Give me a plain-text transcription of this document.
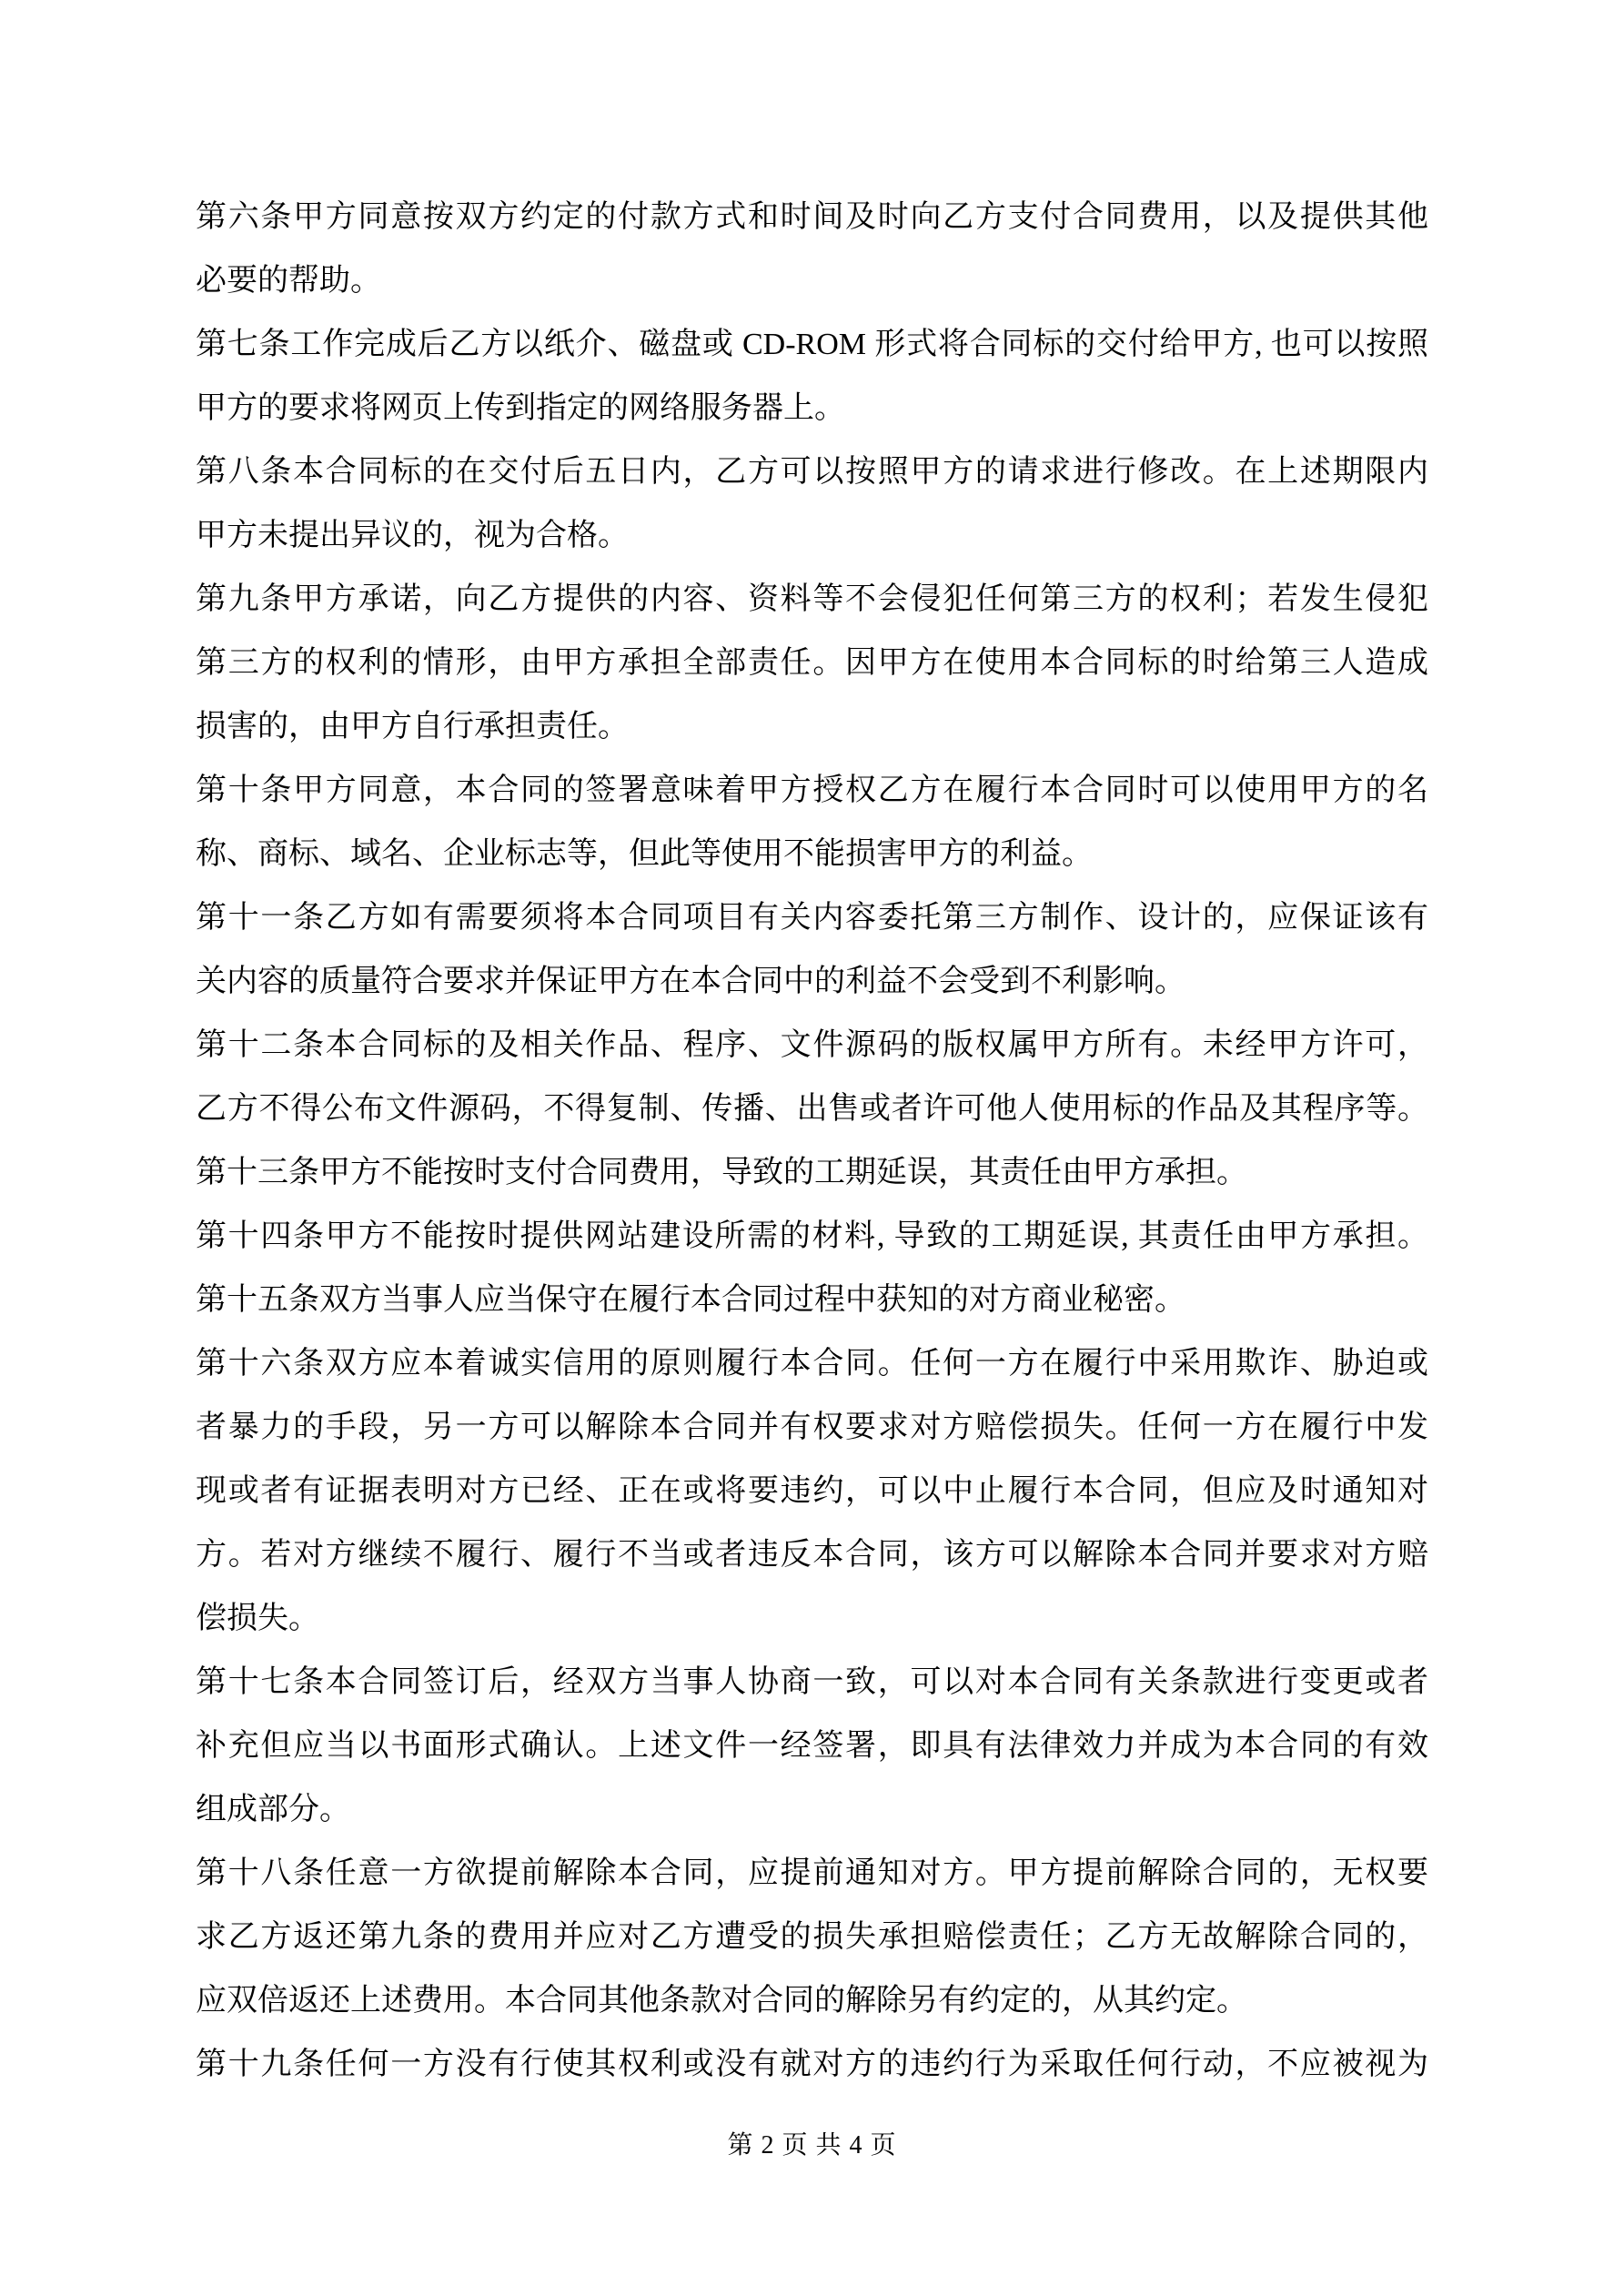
第六条甲方同意按双方约定的付款方式和时间及时向乙方支付合同费用，以及提供其他
必要的帮助。
第七条工作完成后乙方以纸介、磁盘或 CD-ROM 形式将合同标的交付给甲方, 也可以按照
甲方的要求将网页上传到指定的网络服务器上。
第八条本合同标的在交付后五日内，乙方可以按照甲方的请求进行修改。在上述期限内
甲方未提出异议的，视为合格。
第九条甲方承诺，向乙方提供的内容、资料等不会侵犯任何第三方的权利；若发生侵犯
第三方的权利的情形，由甲方承担全部责任。因甲方在使用本合同标的时给第三人造成
损害的，由甲方自行承担责任。
第十条甲方同意，本合同的签署意味着甲方授权乙方在履行本合同时可以使用甲方的名
称、商标、域名、企业标志等，但此等使用不能损害甲方的利益。
第十一条乙方如有需要须将本合同项目有关内容委托第三方制作、设计的，应保证该有
关内容的质量符合要求并保证甲方在本合同中的利益不会受到不利影响。
第十二条本合同标的及相关作品、程序、文件源码的版权属甲方所有。未经甲方许可，
乙方不得公布文件源码，不得复制、传播、出售或者许可他人使用标的作品及其程序等。
第十三条甲方不能按时支付合同费用，导致的工期延误，其责任由甲方承担。
第十四条甲方不能按时提供网站建设所需的材料, 导致的工期延误, 其责任由甲方承担。
第十五条双方当事人应当保守在履行本合同过程中获知的对方商业秘密。
第十六条双方应本着诚实信用的原则履行本合同。任何一方在履行中采用欺诈、胁迫或
者暴力的手段，另一方可以解除本合同并有权要求对方赔偿损失。任何一方在履行中发
现或者有证据表明对方已经、正在或将要违约，可以中止履行本合同，但应及时通知对
方。若对方继续不履行、履行不当或者违反本合同，该方可以解除本合同并要求对方赔
偿损失。
第十七条本合同签订后，经双方当事人协商一致，可以对本合同有关条款进行变更或者
补充但应当以书面形式确认。上述文件一经签署，即具有法律效力并成为本合同的有效
组成部分。
第十八条任意一方欲提前解除本合同，应提前通知对方。甲方提前解除合同的，无权要
求乙方返还第九条的费用并应对乙方遭受的损失承担赔偿责任；乙方无故解除合同的，
应双倍返还上述费用。本合同其他条款对合同的解除另有约定的，从其约定。
第十九条任何一方没有行使其权利或没有就对方的违约行为采取任何行动，不应被视为
第 2 页 共 4 页
